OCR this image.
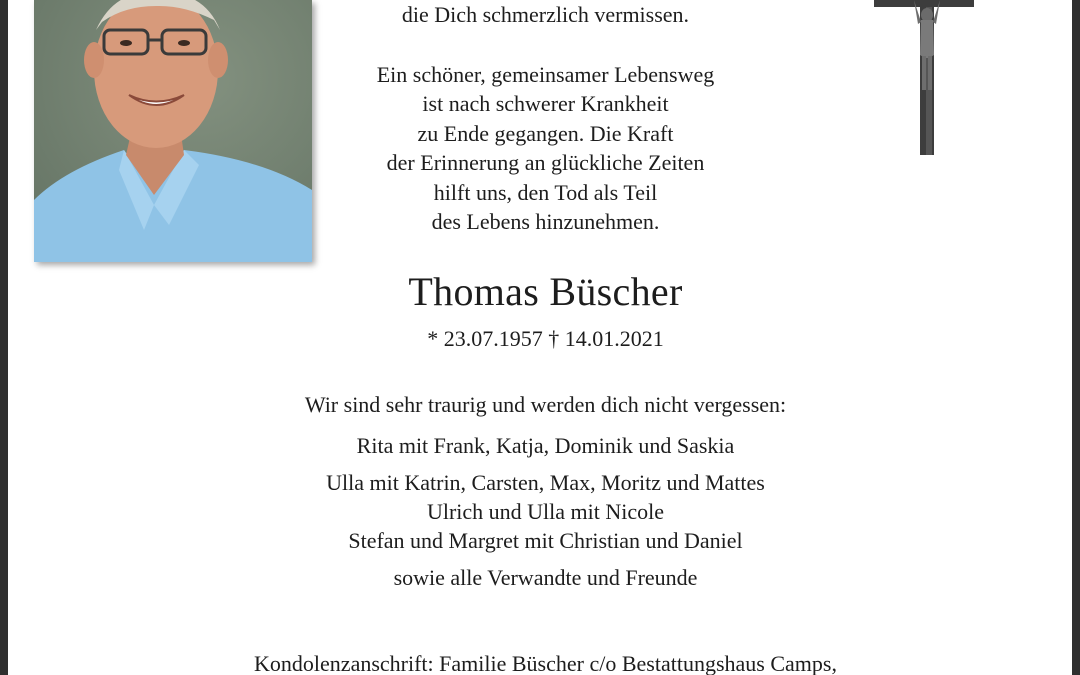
die Dich schmerzlich vermissen.

Ein schöner, gemeinsamer Lebensweg

ist nach schwerer Krankheit

zu Ende gegangen. Die Kraft

der Erinnerung an glückliche Zeiten

hilft uns, den Tod als Teil

des Lebens hinzunehmen.

Thomas Büscher
* 23.07.1957 † 14.01.2021

Wir sind sehr traurig und werden dich nicht vergessen:

Rita mit Frank, Katja, Dominik und Saskia

Ulla mit Katrin, Carsten, Max, Moritz und Mattes

Ulrich und Ulla mit Nicole

Stefan und Margret mit Christian und Daniel

sowie alle Verwandte und Freunde

Kondolenzanschrift: Familie Büscher c/o Bestattungshaus Camps,
